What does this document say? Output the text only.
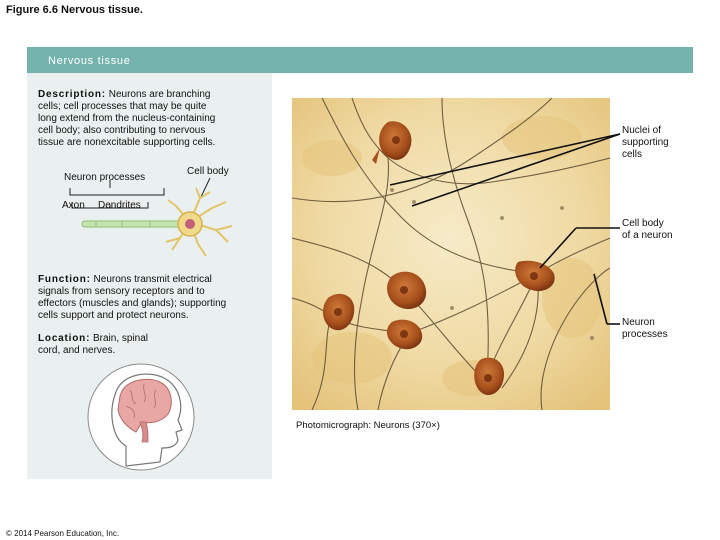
Figure 6.6 Nervous tissue.
Nervous tissue
Description: Neurons are branching
cells; cell processes that may be quite
long extend from the nucleus-containing
cell body; also contributing to nervous
tissue are nonexcitable supporting cells.
Neuron processes
Cell body
Axon Dendrites
Function: Neurons transmit electrical
signals from sensory receptors and to
effectors (muscles and glands); supporting
cells support and protect neurons.
Location: Brain, spinal
cord, and nerves.
Nuclei of
supporting
cells
Cell body
of a neuron
Neuron
processes
Photomicrograph: Neurons (370×)
© 2014 Pearson Education, Inc.
